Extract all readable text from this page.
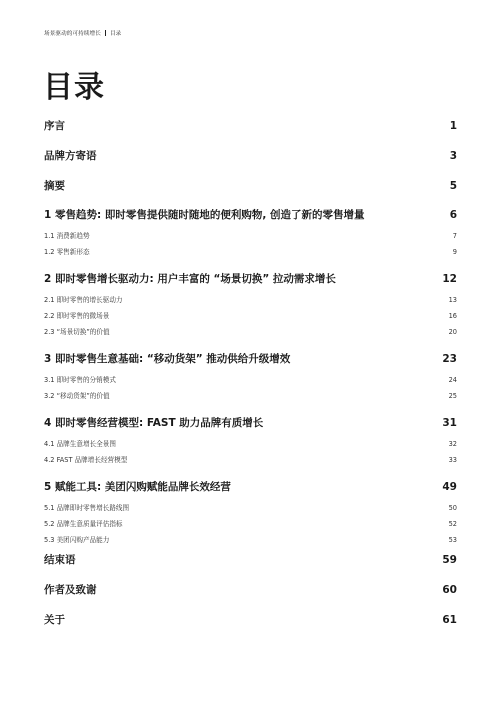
场景驱动的可持续增长 目录
目录
序言	1
品牌方寄语	3
摘要	5
1 零售趋势: 即时零售提供随时随地的便利购物, 创造了新的零售增量	6
1.1 消费新趋势	7
1.2 零售新形态	9
2 即时零售增长驱动力: 用户丰富的 “场景切换” 拉动需求增长	12
2.1 即时零售的增长驱动力	13
2.2 即时零售的微场景	16
2.3 “场景切换”的价值	20
3 即时零售生意基础: “移动货架” 推动供给升级增效	23
3.1 即时零售的分销模式	24
3.2 “移动货架”的价值	25
4 即时零售经营模型: FAST 助力品牌有质增长	31
4.1 品牌生意增长全景图	32
4.2 FAST 品牌增长经营模型	33
5 赋能工具: 美团闪购赋能品牌长效经营	49
5.1 品牌即时零售增长路线图	50
5.2 品牌生意质量评估指标	52
5.3 美团闪购产品能力	53
结束语	59
作者及致谢	60
关于	61
